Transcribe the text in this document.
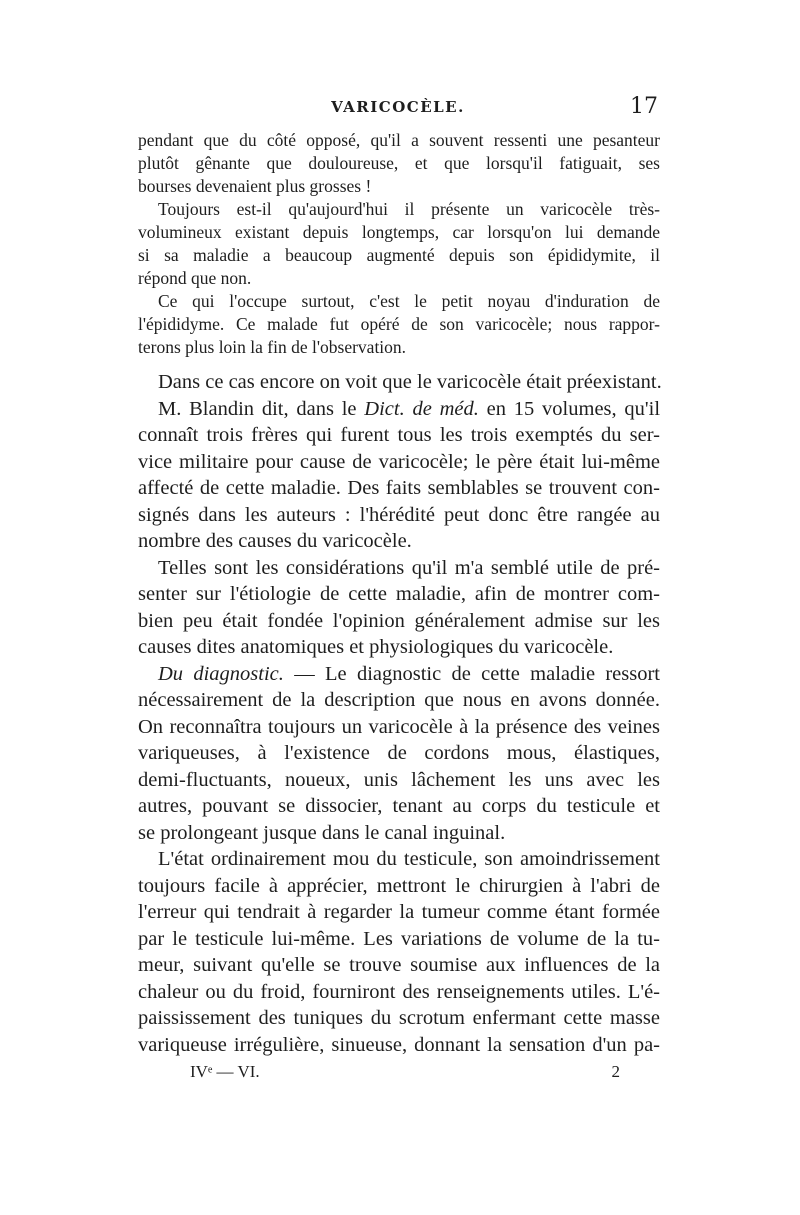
VARICOCÈLE.	17
pendant que du côté opposé, qu'il a souvent ressenti une pesanteur
plutôt gênante que douloureuse, et que lorsqu'il fatiguait, ses
bourses devenaient plus grosses !
Toujours est-il qu'aujourd'hui il présente un varicocèle très-
volumineux existant depuis longtemps, car lorsqu'on lui demande
si sa maladie a beaucoup augmenté depuis son épididymite, il
répond que non.
Ce qui l'occupe surtout, c'est le petit noyau d'induration de
l'épididyme. Ce malade fut opéré de son varicocèle; nous rappor-
terons plus loin la fin de l'observation.
Dans ce cas encore on voit que le varicocèle était préexistant.
M. Blandin dit, dans le Dict. de méd. en 15 volumes, qu'il
connaît trois frères qui furent tous les trois exemptés du ser-
vice militaire pour cause de varicocèle; le père était lui-même
affecté de cette maladie. Des faits semblables se trouvent con-
signés dans les auteurs : l'hérédité peut donc être rangée au
nombre des causes du varicocèle.
Telles sont les considérations qu'il m'a semblé utile de pré-
senter sur l'étiologie de cette maladie, afin de montrer com-
bien peu était fondée l'opinion généralement admise sur les
causes dites anatomiques et physiologiques du varicocèle.
Du diagnostic. — Le diagnostic de cette maladie ressort
nécessairement de la description que nous en avons donnée.
On reconnaîtra toujours un varicocèle à la présence des veines
variqueuses, à l'existence de cordons mous, élastiques,
demi-fluctuants, noueux, unis lâchement les uns avec les
autres, pouvant se dissocier, tenant au corps du testicule et
se prolongeant jusque dans le canal inguinal.
L'état ordinairement mou du testicule, son amoindrissement
toujours facile à apprécier, mettront le chirurgien à l'abri de
l'erreur qui tendrait à regarder la tumeur comme étant formée
par le testicule lui-même. Les variations de volume de la tu-
meur, suivant qu'elle se trouve soumise aux influences de la
chaleur ou du froid, fourniront des renseignements utiles. L'é-
paississement des tuniques du scrotum enfermant cette masse
variqueuse irrégulière, sinueuse, donnant la sensation d'un pa-
IVᵉ — VI.	2
